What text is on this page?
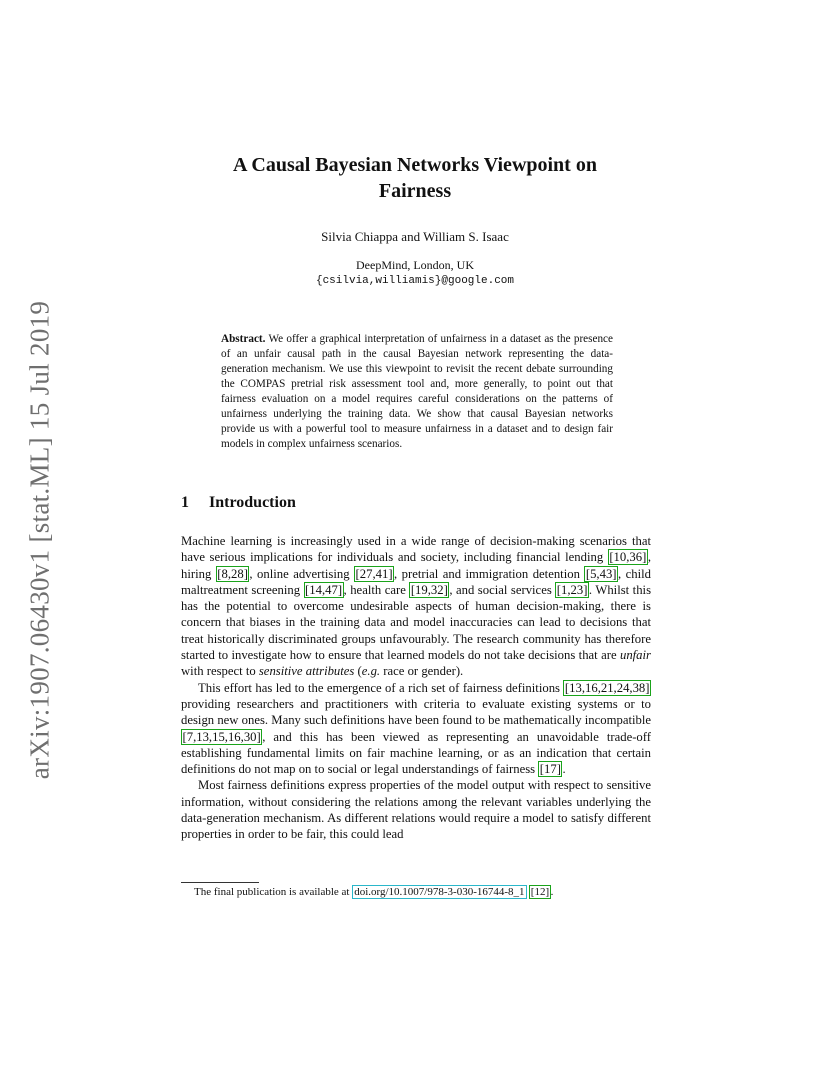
arXiv:1907.06430v1 [stat.ML] 15 Jul 2019
A Causal Bayesian Networks Viewpoint on
Fairness
Silvia Chiappa and William S. Isaac
DeepMind, London, UK
{csilvia,williamis}@google.com
Abstract. We offer a graphical interpretation of unfairness in a dataset as the presence of an unfair causal path in the causal Bayesian network representing the data-generation mechanism. We use this viewpoint to revisit the recent debate surrounding the COMPAS pretrial risk assessment tool and, more generally, to point out that fairness evaluation on a model requires careful considerations on the patterns of unfairness underlying the training data. We show that causal Bayesian networks provide us with a powerful tool to measure unfairness in a dataset and to design fair models in complex unfairness scenarios.
1 Introduction

Machine learning is increasingly used in a wide range of decision-making scenarios that have serious implications for individuals and society, including financial lending [10,36] , hiring [8,28] , online advertising [27,41] , pretrial and immigration detention [5,43] , child maltreatment screening [14,47] , health care [19,32] , and social services [1,23] . Whilst this has the potential to overcome undesirable aspects of human decision-making, there is concern that biases in the training data and model inaccuracies can lead to decisions that treat historically discriminated groups unfavourably. The research community has therefore started to investigate how to ensure that learned models do not take decisions that are unfair with respect to sensitive attributes (e.g. race or gender).

This effort has led to the emergence of a rich set of fairness definitions [13,16,21,24,38] providing researchers and practitioners with criteria to evaluate existing systems or to design new ones. Many such definitions have been found to be mathematically incompatible [7,13,15,16,30] , and this has been viewed as representing an unavoidable trade-off establishing fundamental limits on fair machine learning, or as an indication that certain definitions do not map on to social or legal understandings of fairness [17] .

Most fairness definitions express properties of the model output with respect to sensitive information, without considering the relations among the relevant variables underlying the data-generation mechanism. As different relations would require a model to satisfy different properties in order to be fair, this could lead

The final publication is available at doi.org/10.1007/978-3-030-16744-8_1 [12] .
